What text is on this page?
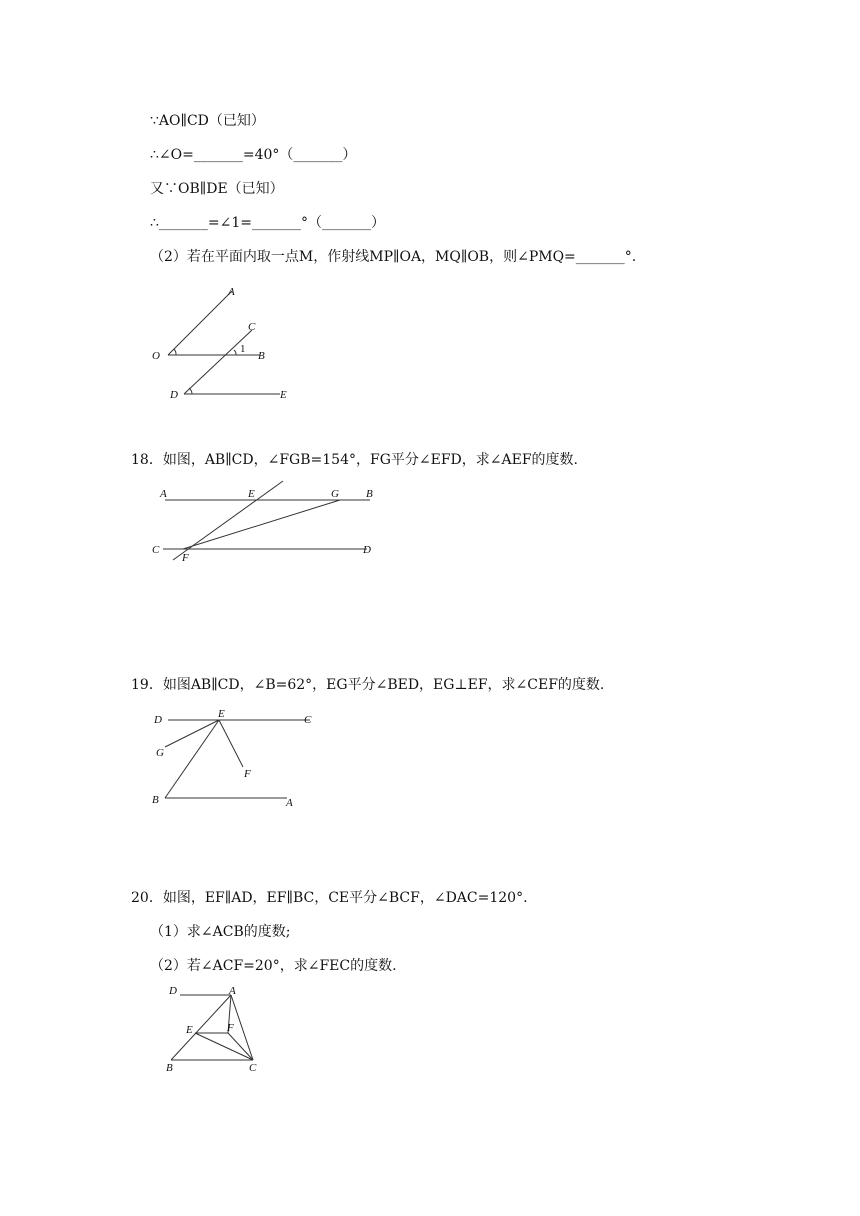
∵AO∥CD（已知）
∴∠O=_______=40°（_______）
又∵OB∥DE（已知）
∴_______=∠1=_______°（_______）
（2）若在平面内取一点M，作射线MP∥OA，MQ∥OB，则∠PMQ=_______°.
A
C
O	B
1
D	E
18．如图，AB∥CD，∠FGB=154°，FG平分∠EFD，求∠AEF的度数.
A	E	G B
C
F
D
19．如图AB∥CD，∠B=62°，EG平分∠BED，EG⊥EF，求∠CEF的度数.
D	E	C
G
F
B	A
20．如图，EF∥AD，EF∥BC，CE平分∠BCF，∠DAC=120°.
（1）求∠ACB的度数;
（2）若∠ACF=20°，求∠FEC的度数.
D	A
E	F
B	C
